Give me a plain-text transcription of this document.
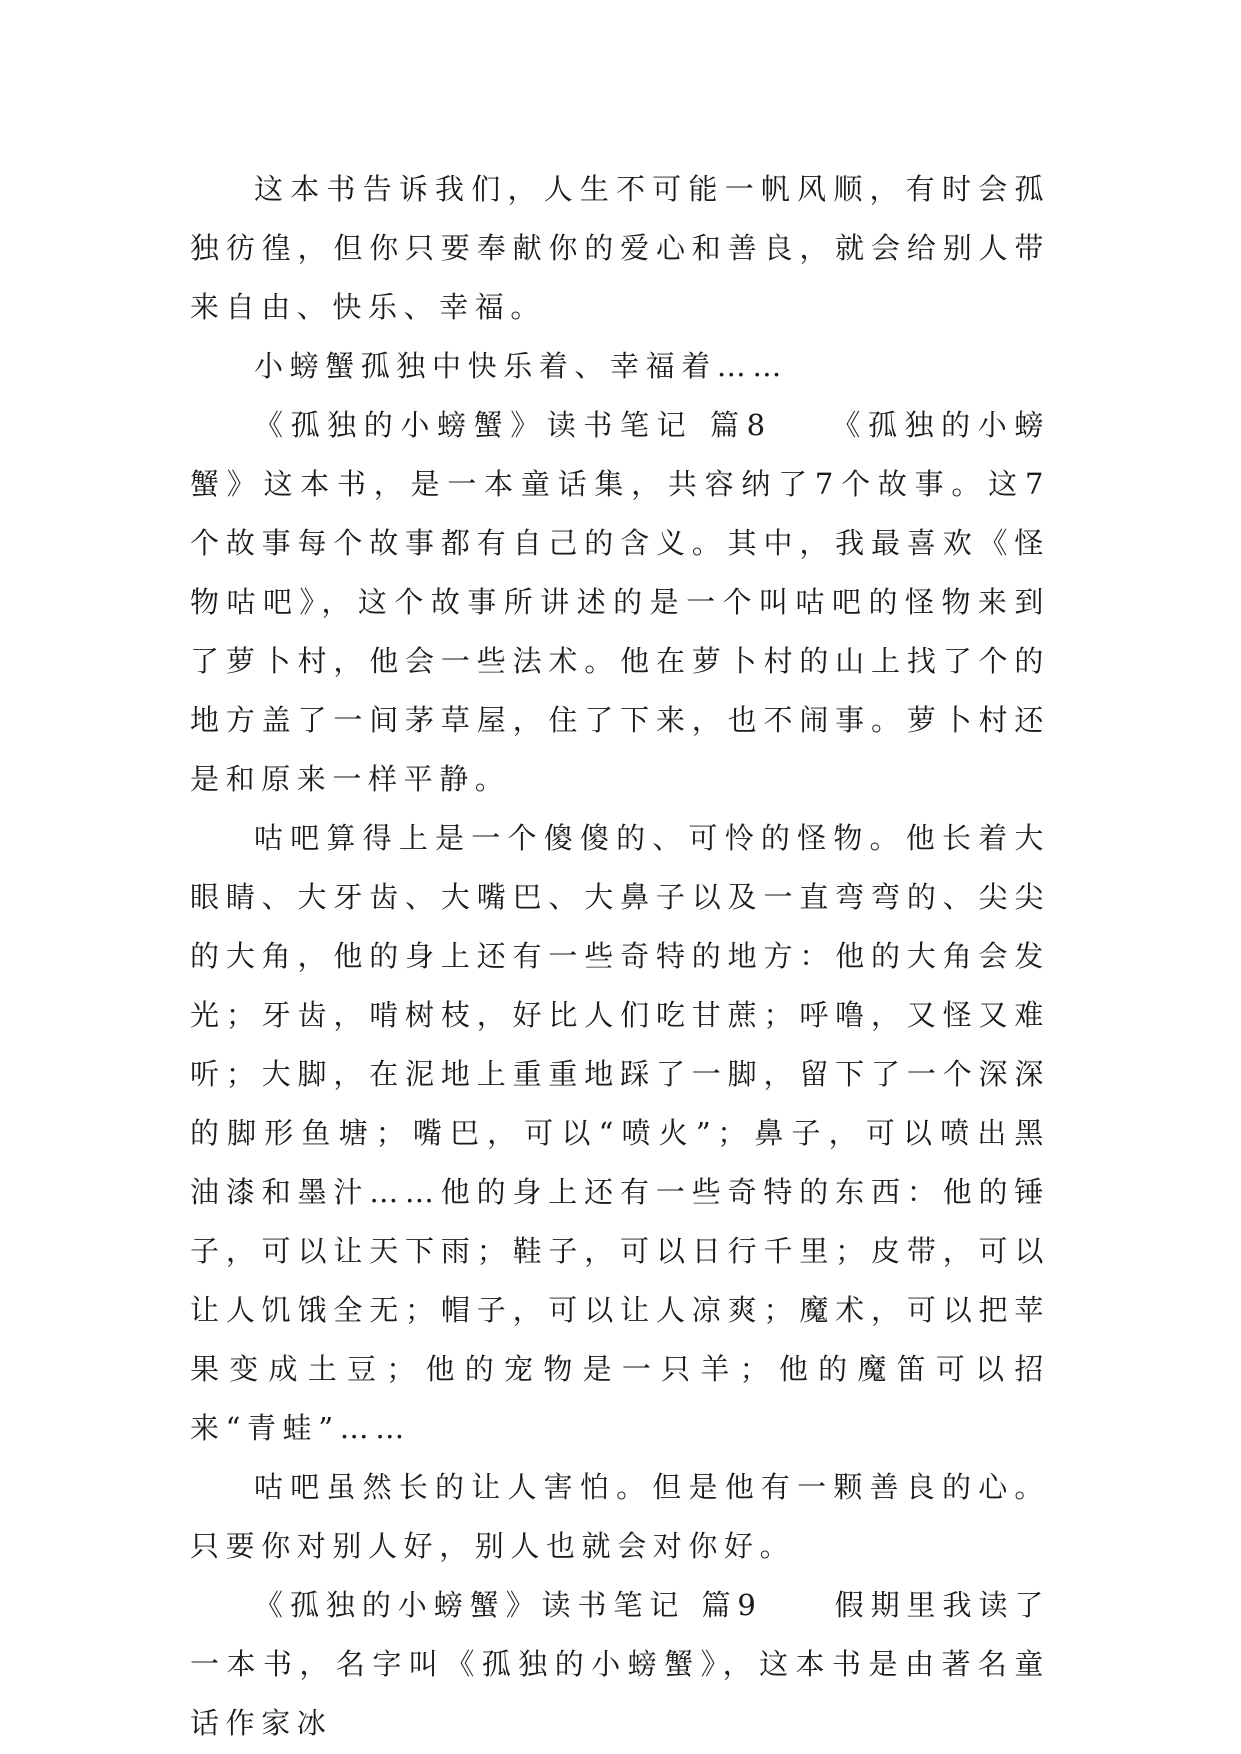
这本书告诉我们，人生不可能一帆风顺，有时会孤独彷徨，但你只要奉献你的爱心和善良，就会给别人带来自由、快乐、幸福。

小螃蟹孤独中快乐着、幸福着……

《孤独的小螃蟹》读书笔记 篇8　　《孤独的小螃蟹》这本书，是一本童话集，共容纳了7个故事。这7个故事每个故事都有自己的含义。其中，我最喜欢《怪物咕吧》，这个故事所讲述的是一个叫咕吧的怪物来到了萝卜村，他会一些法术。他在萝卜村的山上找了个的地方盖了一间茅草屋，住了下来，也不闹事。萝卜村还是和原来一样平静。

咕吧算得上是一个傻傻的、可怜的怪物。他长着大眼睛、大牙齿、大嘴巴、大鼻子以及一直弯弯的、尖尖的大角，他的身上还有一些奇特的地方：他的大角会发光；牙齿，啃树枝，好比人们吃甘蔗；呼噜，又怪又难听；大脚，在泥地上重重地踩了一脚，留下了一个深深的脚形鱼塘；嘴巴，可以“喷火”；鼻子，可以喷出黑油漆和墨汁……他的身上还有一些奇特的东西：他的锤子，可以让天下雨；鞋子，可以日行千里；皮带，可以让人饥饿全无；帽子，可以让人凉爽；魔术，可以把苹果变成土豆；他的宠物是一只羊；他的魔笛可以招来“青蛙”……

咕吧虽然长的让人害怕。但是他有一颗善良的心。只要你对别人好，别人也就会对你好。

《孤独的小螃蟹》读书笔记 篇9　　假期里我读了一本书，名字叫《孤独的小螃蟹》，这本书是由著名童话作家冰
